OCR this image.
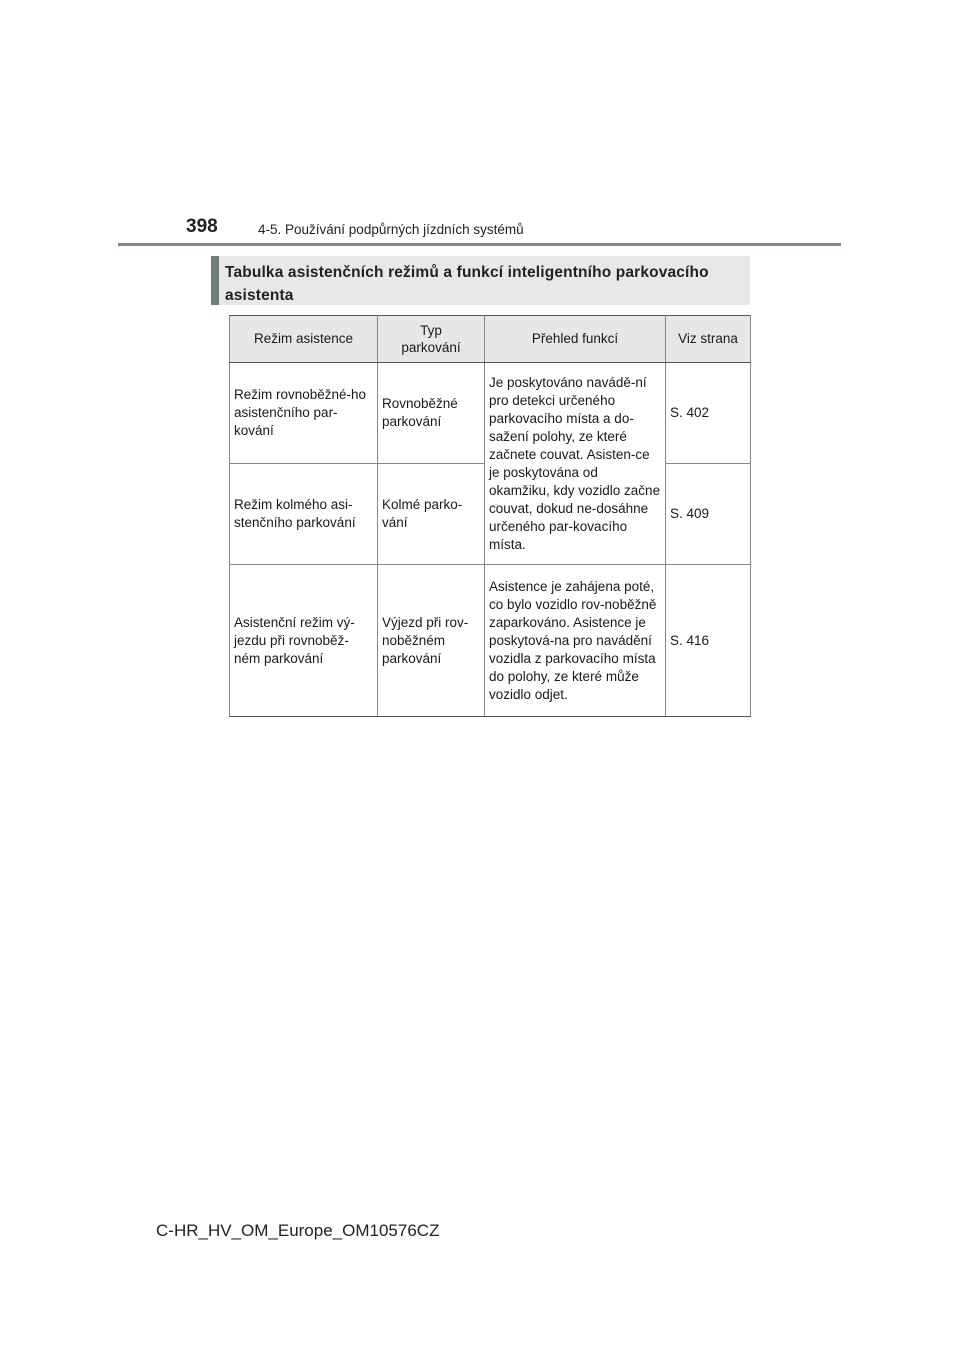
398	4-5. Používání podpůrných jízdních systémů
Tabulka asistenčních režimů a funkcí inteligentního parkovacího
asistenta
Režim asistence	Typ parkování	Přehled funkcí	Viz strana
Režim rovnoběžné-ho asistenčního par-kování	Rovnoběžné parkování	Je poskytováno navádě-ní pro detekci určeného parkovacího místa a do-sažení polohy, ze které začnete couvat. Asisten-ce je poskytována od okamžiku, kdy vozidlo začne couvat, dokud ne-dosáhne určeného par-kovacího místa.	S. 402
Režim kolmého asi-stenčního parkování	Kolmé parko-vání		S. 409
Asistenční režim vý-jezdu při rovnoběž-ném parkování	Výjezd při rov-noběžném parkování	Asistence je zahájena poté, co bylo vozidlo rov-noběžně zaparkováno. Asistence je poskytová-na pro navádění vozidla z parkovacího místa do polohy, ze které může vozidlo odjet.	S. 416
C-HR_HV_OM_Europe_OM10576CZ
